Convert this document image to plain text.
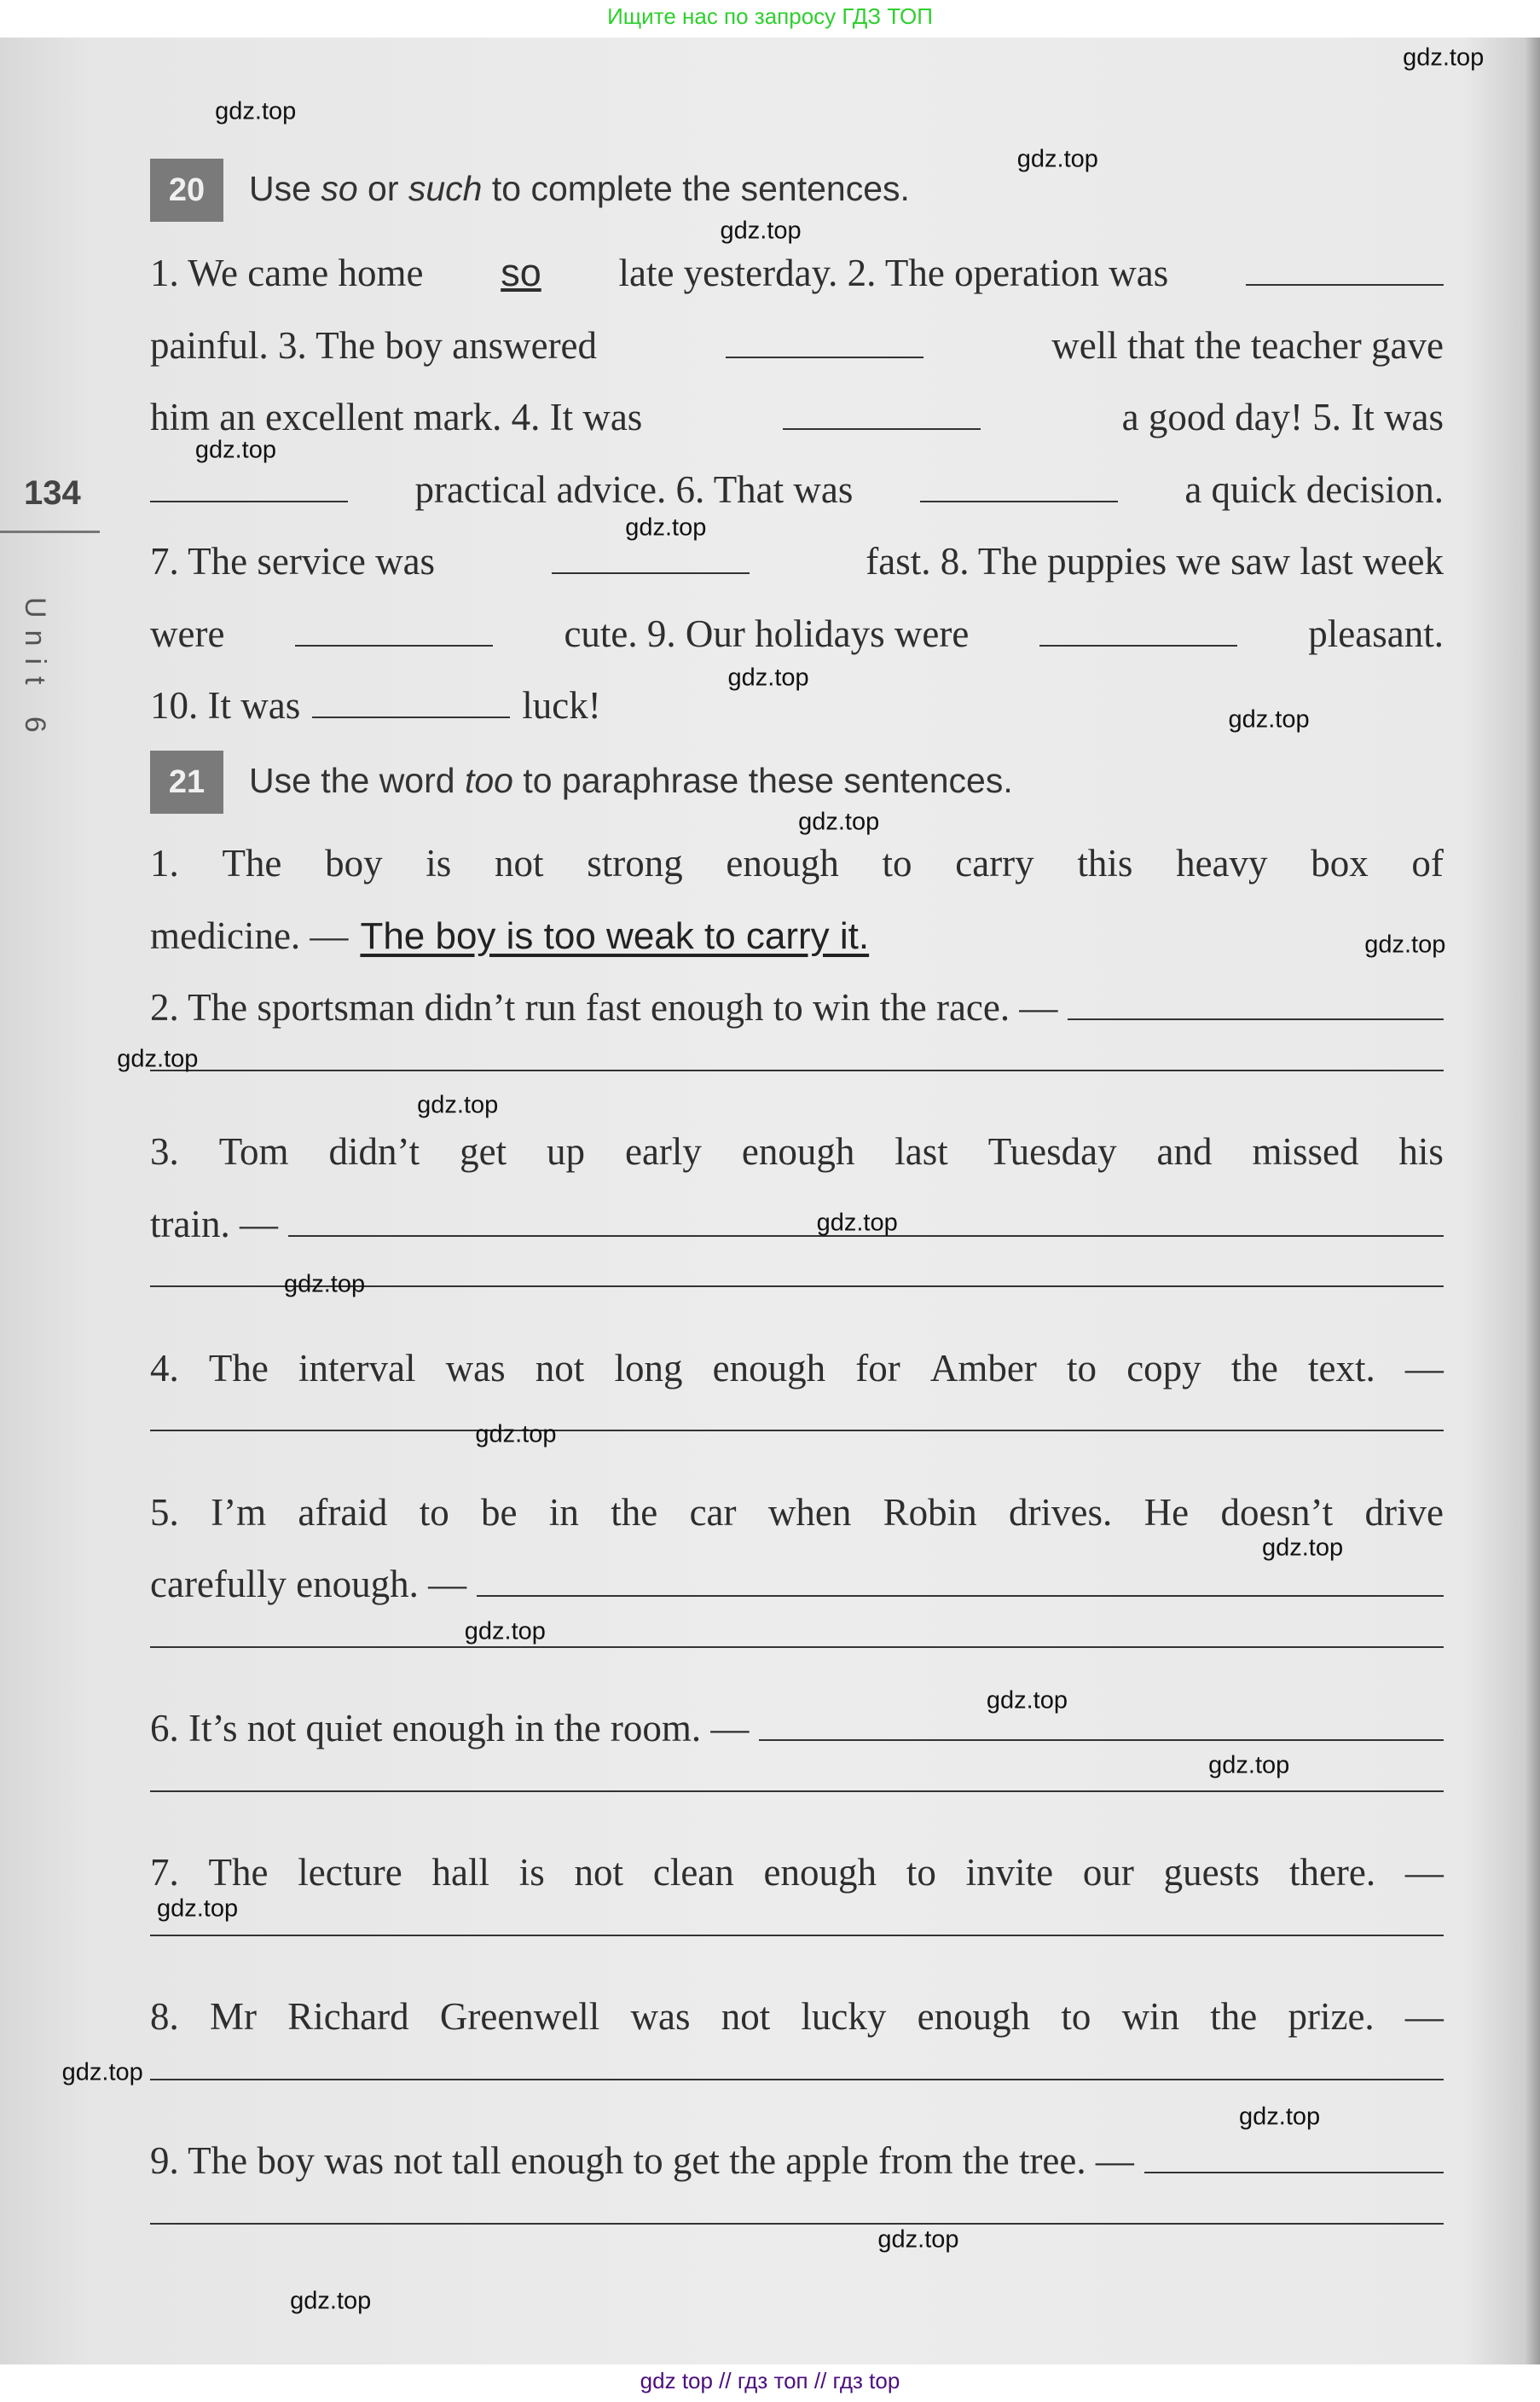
Ищите нас по запросу ГДЗ ТОП
134
Unit 6
20	Use so or such to complete the sentences.
1. We came home so late yesterday. 2. The operation was
painful. 3. The boy answered	well that the teacher gave
him an excellent mark. 4. It was	a good day! 5. It was
practical advice. 6. That was	a quick decision.
7. The service was	fast. 8. The puppies we saw last week
were	cute. 9. Our holidays were	pleasant.
10. It was	luck!
21	Use the word too to paraphrase these sentences.
1. The boy is not strong enough to carry this heavy box of
medicine. — The boy is too weak to carry it.
2. The sportsman didn’t run fast enough to win the race. —
3. Tom didn’t get up early enough last Tuesday and missed his
train. —
4. The interval was not long enough for Amber to copy the text. —
5. I’m afraid to be in the car when Robin drives. He doesn’t drive
carefully enough. —
6. It’s not quiet enough in the room. —
7. The lecture hall is not clean enough to invite our guests there. —
8. Mr Richard Greenwell was not lucky enough to win the prize. —
9. The boy was not tall enough to get the apple from the tree. —
gdz.top
gdz.top
gdz.top
gdz.top
gdz.top
gdz.top
gdz.top
gdz.top
gdz.top
gdz.top
gdz.top
gdz.top
gdz.top
gdz.top
gdz.top
gdz.top
gdz.top
gdz.top
gdz.top
gdz.top
gdz.top
gdz.top
gdz.top
gdz.top
gdz top // гдз топ // гдз top
